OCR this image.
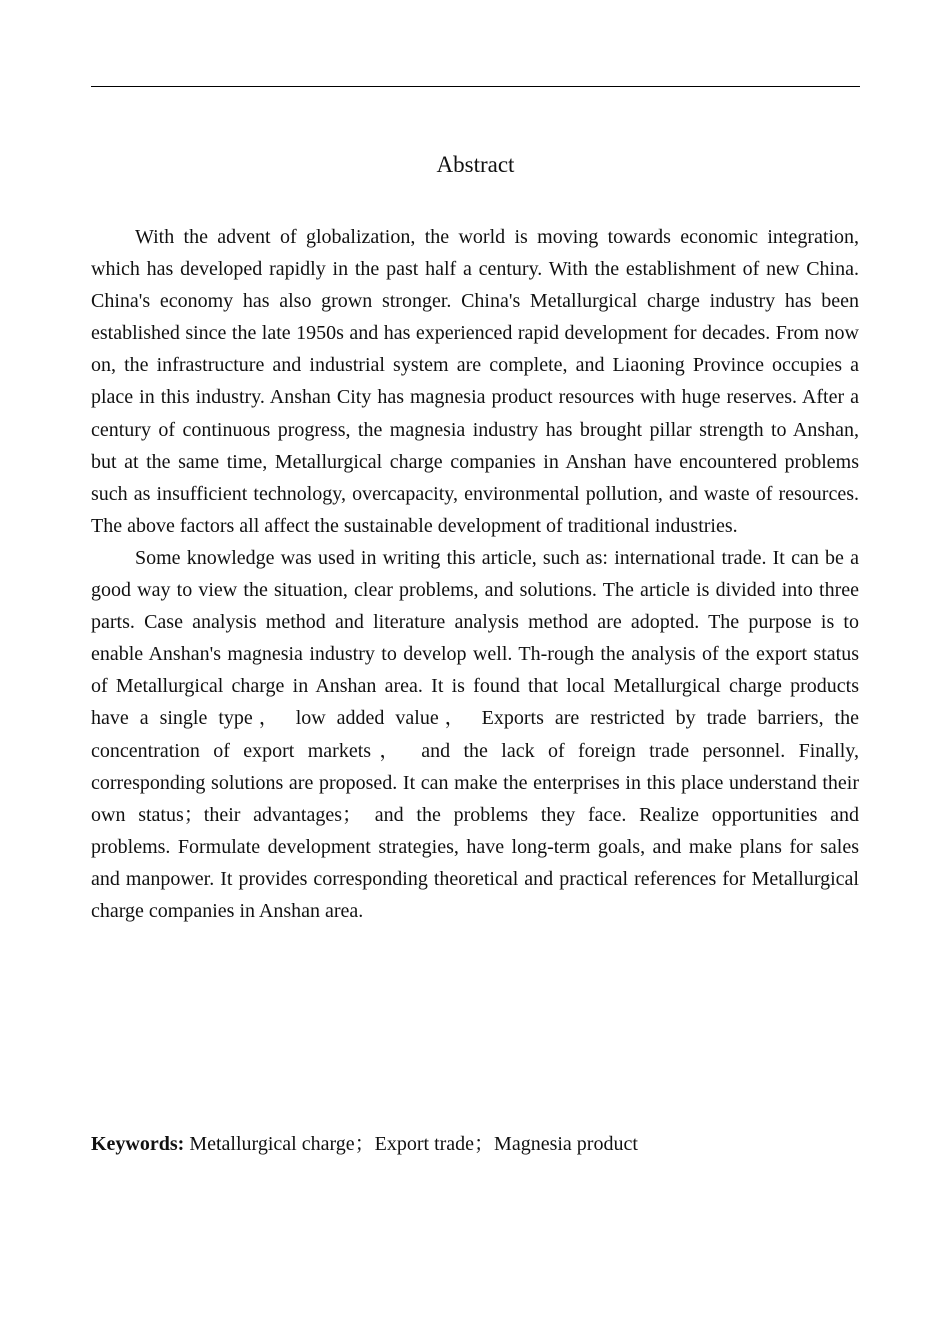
Abstract

With the advent of globalization, the world is moving towards economic integration, which has developed rapidly in the past half a century. With the establishment of new China. China's economy has also grown stronger. China's Metallurgical charge industry has been established since the late 1950s and has experienced rapid development for decades. From now on, the infrastructure and industrial system are complete, and Liaoning Province occupies a place in this industry. Anshan City has magnesia product resources with huge reserves. After a century of continuous progress, the magnesia industry has brought pillar strength to Anshan, but at the same time, Metallurgical charge companies in Anshan have encountered problems such as insufficient technology, overcapacity, environmental pollution, and waste of resources. The above factors all affect the sustainable development of traditional industries.

Some knowledge was used in writing this article, such as: international trade. It can be a good way to view the situation, clear problems, and solutions. The article is divided into three parts. Case analysis method and literature analysis method are adopted. The purpose is to enable Anshan's magnesia industry to develop well. Th-rough the analysis of the export status of Metallurgical charge in Anshan area. It is found that local Metallurgical charge products have a single type， low added value， Exports are restricted by trade barriers, the concentration of export markets， and the lack of foreign trade personnel. Finally, corresponding solutions are proposed. It can make the enterprises in this place understand their own status；their advantages； and the problems they face. Realize opportunities and problems. Formulate development strategies, have long-term goals, and make plans for sales and manpower. It provides corresponding theoretical and practical references for Metallurgical charge companies in Anshan area.

Keywords: Metallurgical charge；Export trade；Magnesia product
